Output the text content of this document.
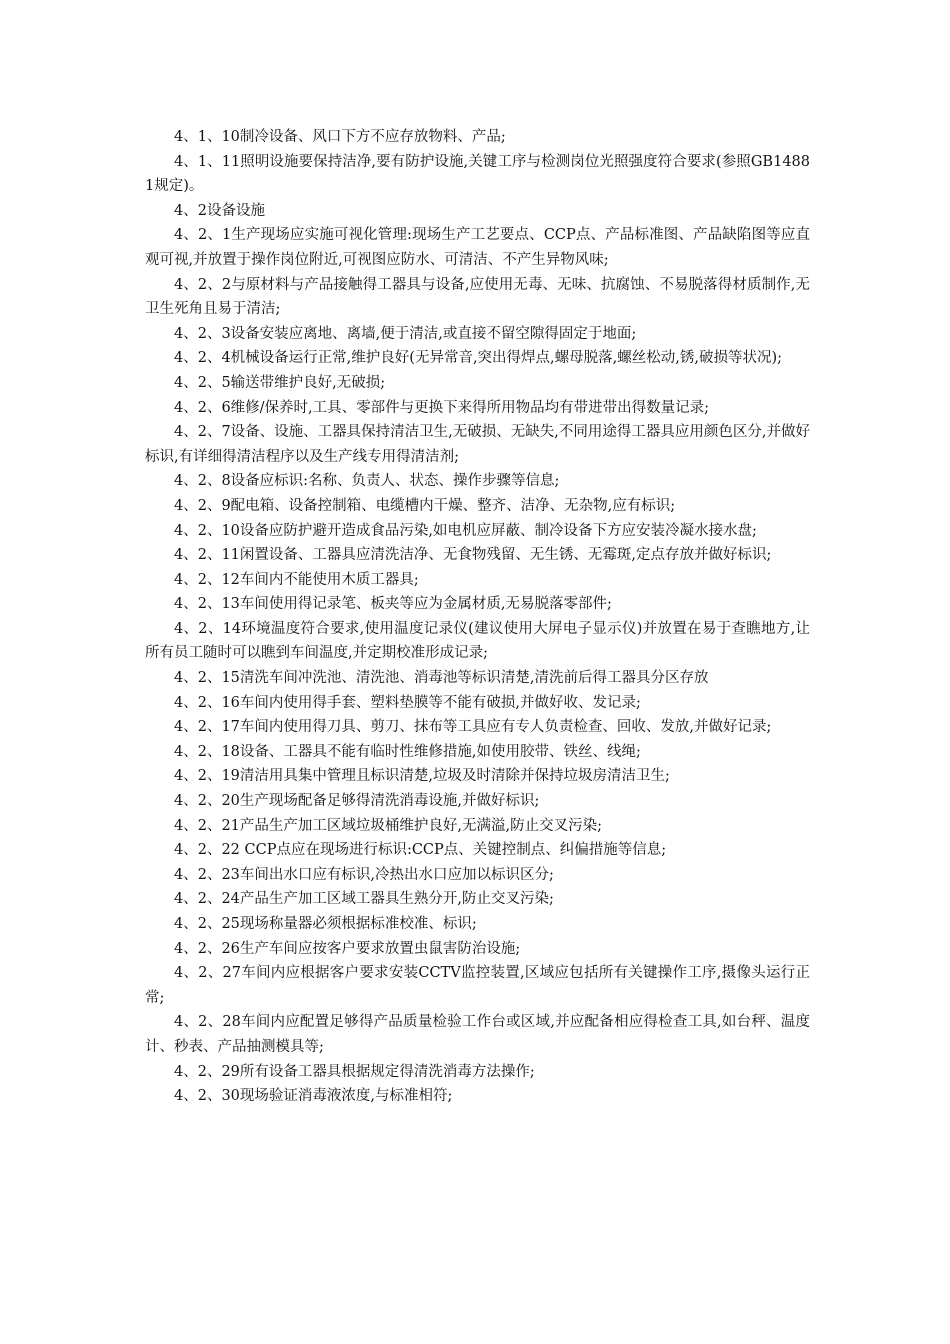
4、1、10制冷设备、风口下方不应存放物料、产品;

4、1、11照明设施要保持洁净,要有防护设施,关键工序与检测岗位光照强度符合要求(参照GB14881规定)。

4、2设备设施

4、2、1生产现场应实施可视化管理:现场生产工艺要点、CCP点、产品标准图、产品缺陷图等应直观可视,并放置于操作岗位附近,可视图应防水、可清洁、不产生异物风味;

4、2、2与原材料与产品接触得工器具与设备,应使用无毒、无味、抗腐蚀、不易脱落得材质制作,无卫生死角且易于清洁;

4、2、3设备安装应离地、离墙,便于清洁,或直接不留空隙得固定于地面;

4、2、4机械设备运行正常,维护良好(无异常音,突出得焊点,螺母脱落,螺丝松动,锈,破损等状况);

4、2、5输送带维护良好,无破损;

4、2、6维修/保养时,工具、零部件与更换下来得所用物品均有带进带出得数量记录;

4、2、7设备、设施、工器具保持清洁卫生,无破损、无缺失,不同用途得工器具应用颜色区分,并做好标识,有详细得清洁程序以及生产线专用得清洁剂;

4、2、8设备应标识:名称、负责人、状态、操作步骤等信息;

4、2、9配电箱、设备控制箱、电缆槽内干燥、整齐、洁净、无杂物,应有标识;

4、2、10设备应防护避开造成食品污染,如电机应屏蔽、制冷设备下方应安装冷凝水接水盘;

4、2、11闲置设备、工器具应清洗洁净、无食物残留、无生锈、无霉斑,定点存放并做好标识;

4、2、12车间内不能使用木质工器具;

4、2、13车间使用得记录笔、板夹等应为金属材质,无易脱落零部件;

4、2、14环境温度符合要求,使用温度记录仪(建议使用大屏电子显示仪)并放置在易于查瞧地方,让所有员工随时可以瞧到车间温度,并定期校准形成记录;

4、2、15清洗车间冲洗池、清洗池、消毒池等标识清楚,清洗前后得工器具分区存放

4、2、16车间内使用得手套、塑料垫膜等不能有破损,并做好收、发记录;

4、2、17车间内使用得刀具、剪刀、抹布等工具应有专人负责检查、回收、发放,并做好记录;

4、2、18设备、工器具不能有临时性维修措施,如使用胶带、铁丝、线绳;

4、2、19清洁用具集中管理且标识清楚,垃圾及时清除并保持垃圾房清洁卫生;

4、2、20生产现场配备足够得清洗消毒设施,并做好标识;

4、2、21产品生产加工区域垃圾桶维护良好,无满溢,防止交叉污染;

4、2、22 CCP点应在现场进行标识:CCP点、关键控制点、纠偏措施等信息;

4、2、23车间出水口应有标识,冷热出水口应加以标识区分;

4、2、24产品生产加工区域工器具生熟分开,防止交叉污染;

4、2、25现场称量器必须根据标准校准、标识;

4、2、26生产车间应按客户要求放置虫鼠害防治设施;

4、2、27车间内应根据客户要求安装CCTV监控装置,区域应包括所有关键操作工序,摄像头运行正常;

4、2、28车间内应配置足够得产品质量检验工作台或区域,并应配备相应得检查工具,如台秤、温度计、秒表、产品抽测模具等;

4、2、29所有设备工器具根据规定得清洗消毒方法操作;

4、2、30现场验证消毒液浓度,与标准相符;
